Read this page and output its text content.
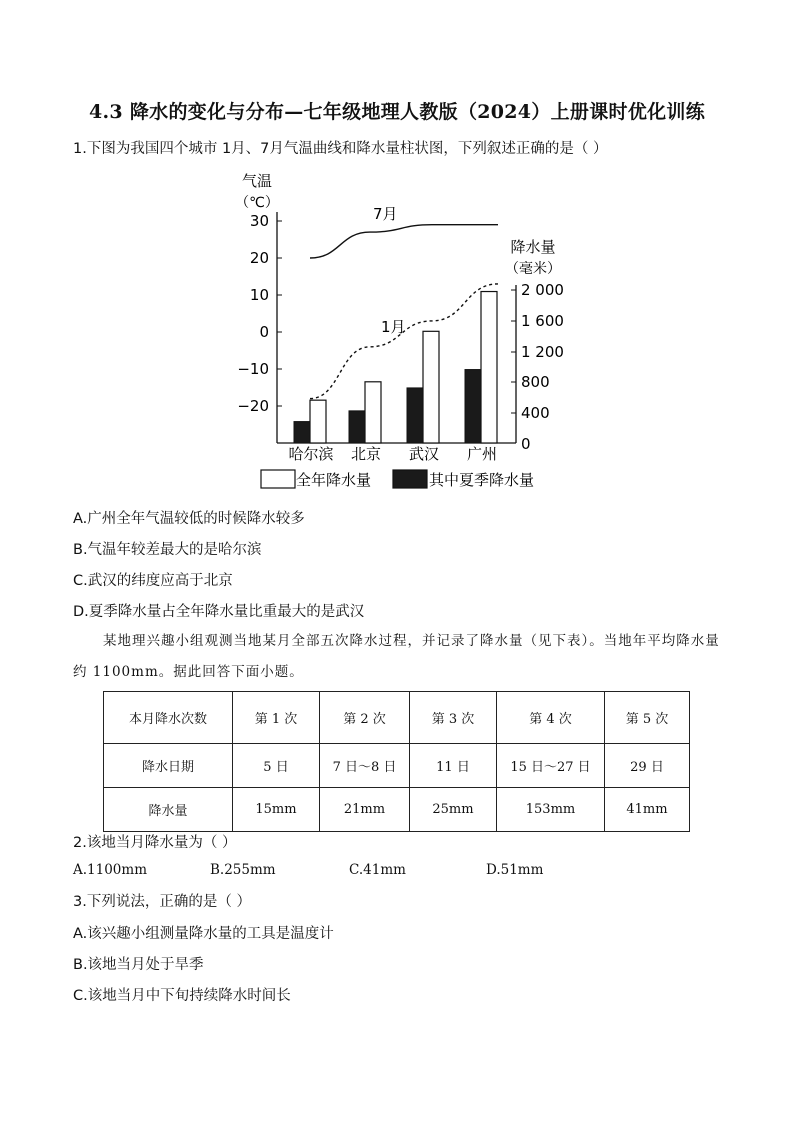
4.3 降水的变化与分布—七年级地理人教版（2024）上册课时优化训练
1.下图为我国四个城市 1月、7月气温曲线和降水量柱状图，下列叙述正确的是（ ）
气温
（℃）
降水量
（毫米）
30
20
10
0
−10
−20
2 000
1 600
1 200
800
400
0
7月
1月
哈尔滨 北京 武汉 广州
全年降水量	其中夏季降水量
A.广州全年气温较低的时候降水较多
B.气温年较差最大的是哈尔滨
C.武汉的纬度应高于北京
D.夏季降水量占全年降水量比重最大的是武汉
某地理兴趣小组观测当地某月全部五次降水过程，并记录了降水量（见下表）。当地年平均降水量约 1100mm。据此回答下面小题。
本月降水次数	第 1 次	第 2 次	第 3 次	第 4 次	第 5 次
降水日期	5 日	7 日～8 日	11 日	15 日～27 日	29 日
降水量	15mm	21mm	25mm	153mm	41mm
2.该地当月降水量为（ ）
A.1100mm	B.255mm	C.41mm	D.51mm
3.下列说法，正确的是（ ）
A.该兴趣小组测量降水量的工具是温度计
B.该地当月处于旱季
C.该地当月中下旬持续降水时间长
